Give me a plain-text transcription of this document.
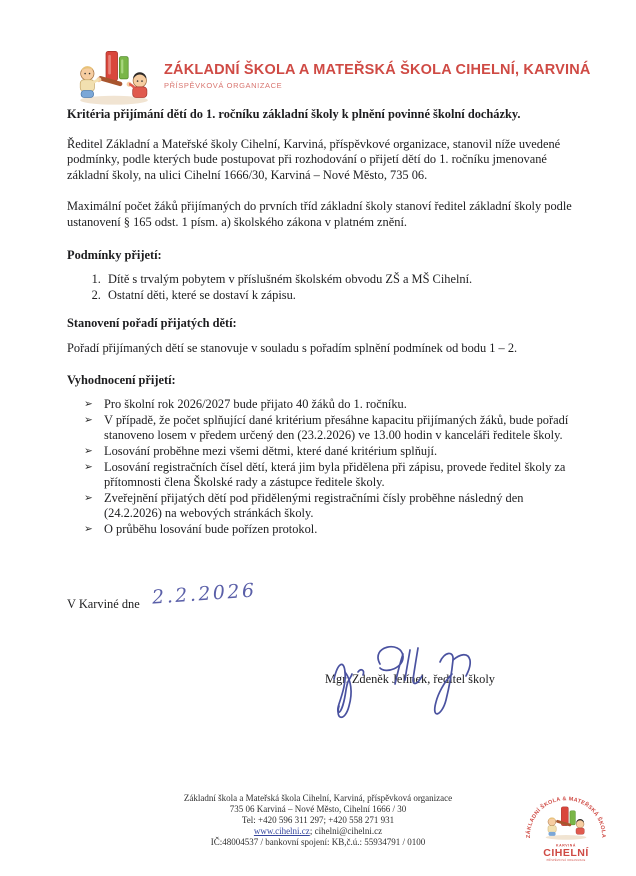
ZÁKLADNÍ ŠKOLA A MATEŘSKÁ ŠKOLA CIHELNÍ, KARVINÁ
PŘÍSPĚVKOVÁ ORGANIZACE

Kritéria přijímání dětí do 1. ročníku základní školy k plnění povinné školní docházky.

Ředitel Základní a Mateřské školy Cihelní, Karviná, příspěvkové organizace, stanovil níže uvedené podmínky, podle kterých bude postupovat při rozhodování o přijetí dětí do 1. ročníku jmenované základní školy, na ulici Cihelní 1666/30, Karviná – Nové Město, 735 06.

Maximální počet žáků přijímaných do prvních tříd základní školy stanoví ředitel základní školy podle ustanovení § 165 odst. 1 písm. a) školského zákona v platném znění.

Podmínky přijetí:

1. Dítě s trvalým pobytem v příslušném školském obvodu ZŠ a MŠ Cihelní.
2. Ostatní děti, které se dostaví k zápisu.

Stanovení pořadí přijatých dětí:

Pořadí přijímaných dětí se stanovuje v souladu s pořadím splnění podmínek od bodu 1 – 2.

Vyhodnocení přijetí:

➢ Pro školní rok 2026/2027 bude přijato 40 žáků do 1. ročníku.
➢ V případě, že počet splňující dané kritérium přesáhne kapacitu přijímaných žáků, bude pořadí stanoveno losem v předem určený den (23.2.2026) ve 13.00 hodin v kanceláři ředitele školy.
➢ Losování proběhne mezi všemi dětmi, které dané kritérium splňují.
➢ Losování registračních čísel dětí, která jim byla přidělena při zápisu, provede ředitel školy za přítomnosti člena Školské rady a zástupce ředitele školy.
➢ Zveřejnění přijatých dětí pod přidělenými registračními čísly proběhne následný den (24.2.2026) na webových stránkách školy.
➢ O průběhu losování bude pořízen protokol.
V Karviné dne 2.2.2026
Mgr. Zdeněk Jelínek, ředitel školy
Základní škola a Mateřská škola Cihelní, Karviná, příspěvková organizace
735 06 Karviná – Nové Město, Cihelní 1666 / 30
Tel: +420 596 311 297; +420 558 271 931
www.cihelni.cz; cihelni@cihelni.cz
IČ:48004537 / bankovní spojení: KB,č.ú.: 55934791 / 0100
ZÁKLADNÍ ŠKOLA & MATEŘSKÁ ŠKOLA
KARVINÁ
CIHELNÍ
PŘÍSPĚVKOVÁ ORGANIZACE
